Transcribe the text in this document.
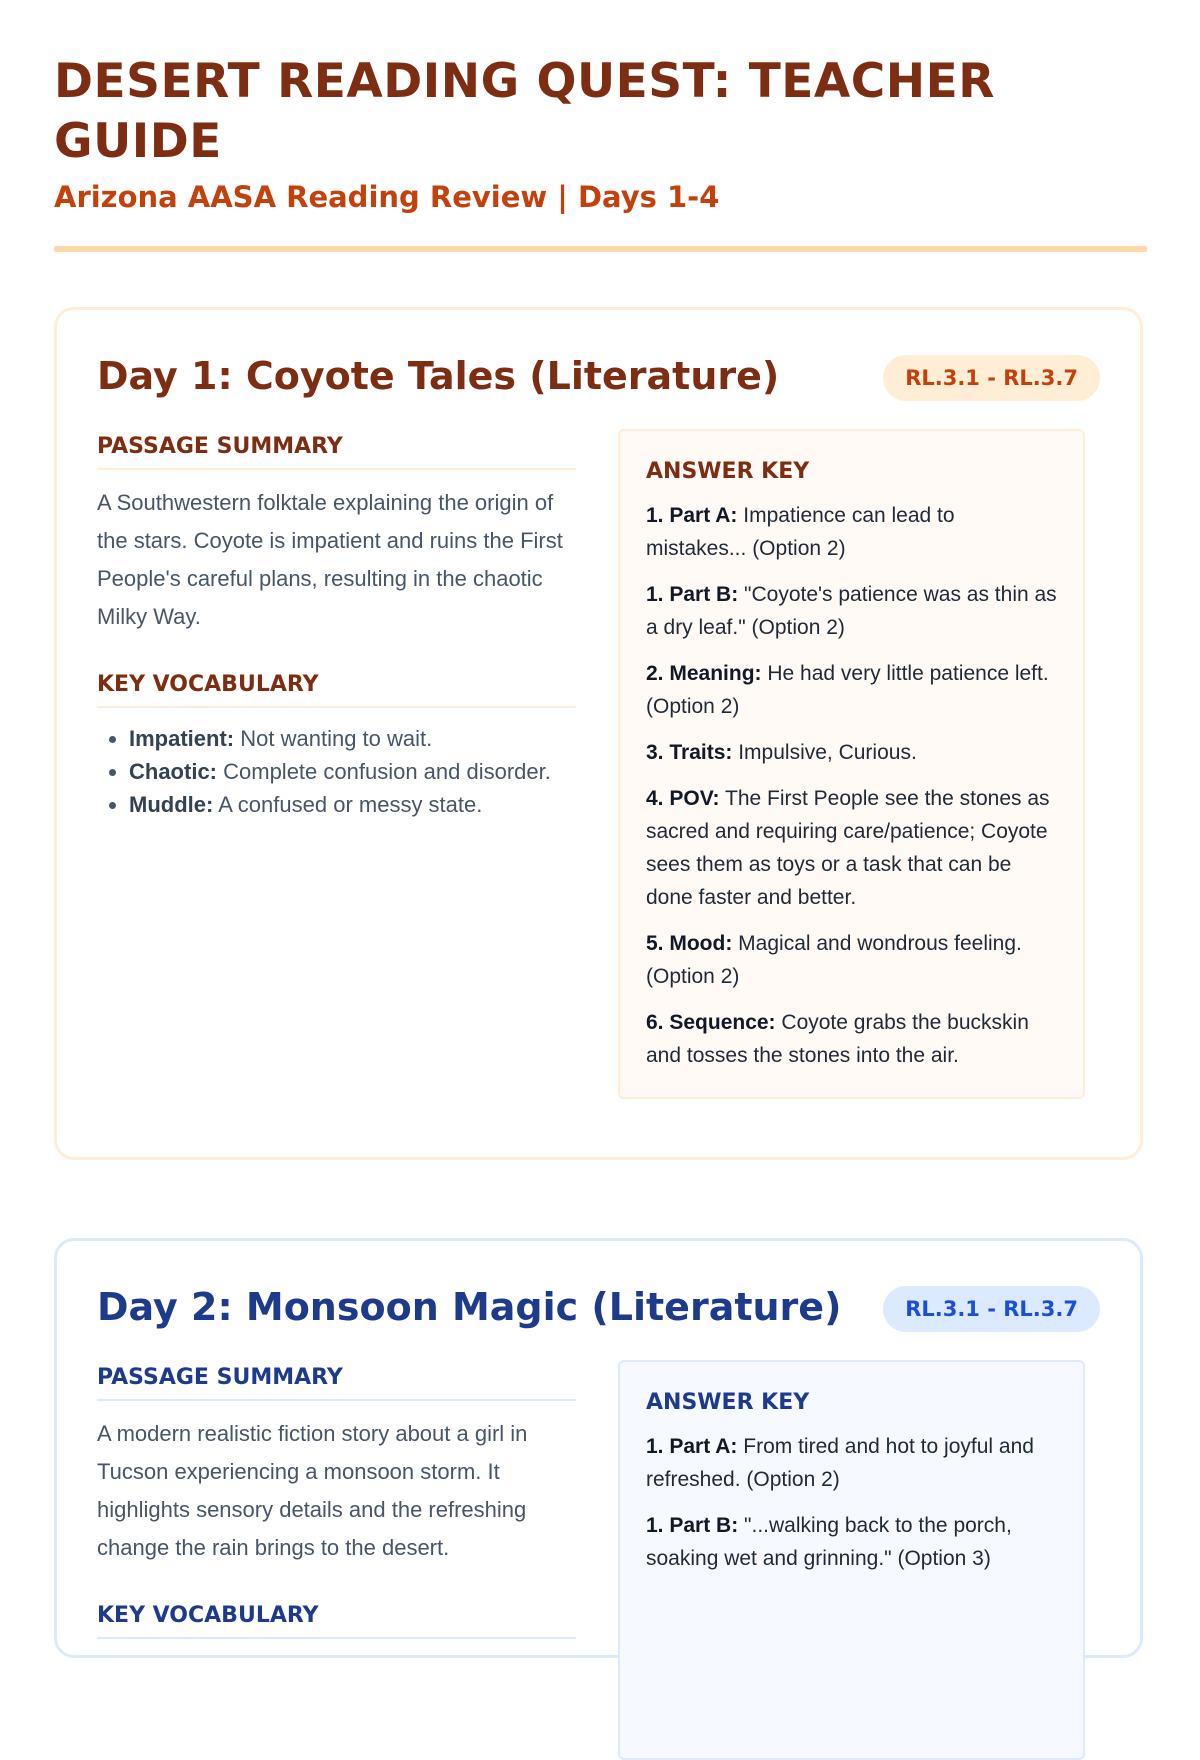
DESERT READING QUEST: TEACHER GUIDE
Arizona AASA Reading Review | Days 1-4
Day 1: Coyote Tales (Literature)	RL.3.1 - RL.3.7
PASSAGE SUMMARY

A Southwestern folktale explaining the origin of the stars. Coyote is impatient and ruins the First People's careful plans, resulting in the chaotic Milky Way.

KEY VOCABULARY
• Impatient: Not wanting to wait.
• Chaotic: Complete confusion and disorder.
• Muddle: A confused or messy state.
ANSWER KEY

1. Part A: Impatience can lead to mistakes... (Option 2)

1. Part B: "Coyote's patience was as thin as a dry leaf." (Option 2)

2. Meaning: He had very little patience left. (Option 2)

3. Traits: Impulsive, Curious.

4. POV: The First People see the stones as sacred and requiring care/patience; Coyote sees them as toys or a task that can be done faster and better.

5. Mood: Magical and wondrous feeling. (Option 2)

6. Sequence: Coyote grabs the buckskin and tosses the stones into the air.

Day 2: Monsoon Magic (Literature)	RL.3.1 - RL.3.7
PASSAGE SUMMARY

A modern realistic fiction story about a girl in Tucson experiencing a monsoon storm. It highlights sensory details and the refreshing change the rain brings to the desert.

KEY VOCABULARY
ANSWER KEY

1. Part A: From tired and hot to joyful and refreshed. (Option 2)

1. Part B: "...walking back to the porch, soaking wet and grinning." (Option 3)
